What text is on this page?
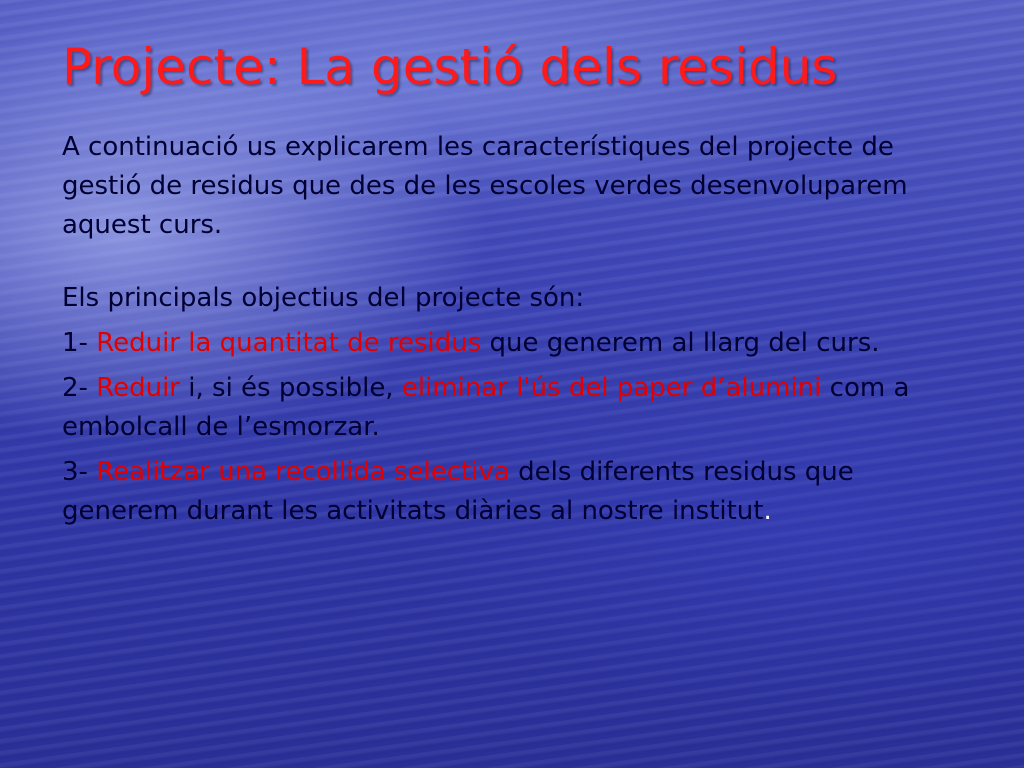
Projecte: La gestió dels residus

A continuació us explicarem les característiques del projecte de gestió de residus que des de les escoles verdes desenvoluparem aquest curs.

Els principals objectius del projecte són:

1- Reduir la quantitat de residus que generem al llarg del curs.

2- Reduir i, si és possible, eliminar l'ús del paper d’alumini com a embolcall de l’esmorzar.

3- Realitzar una recollida selectiva dels diferents residus que generem durant les activitats diàries al nostre institut.
